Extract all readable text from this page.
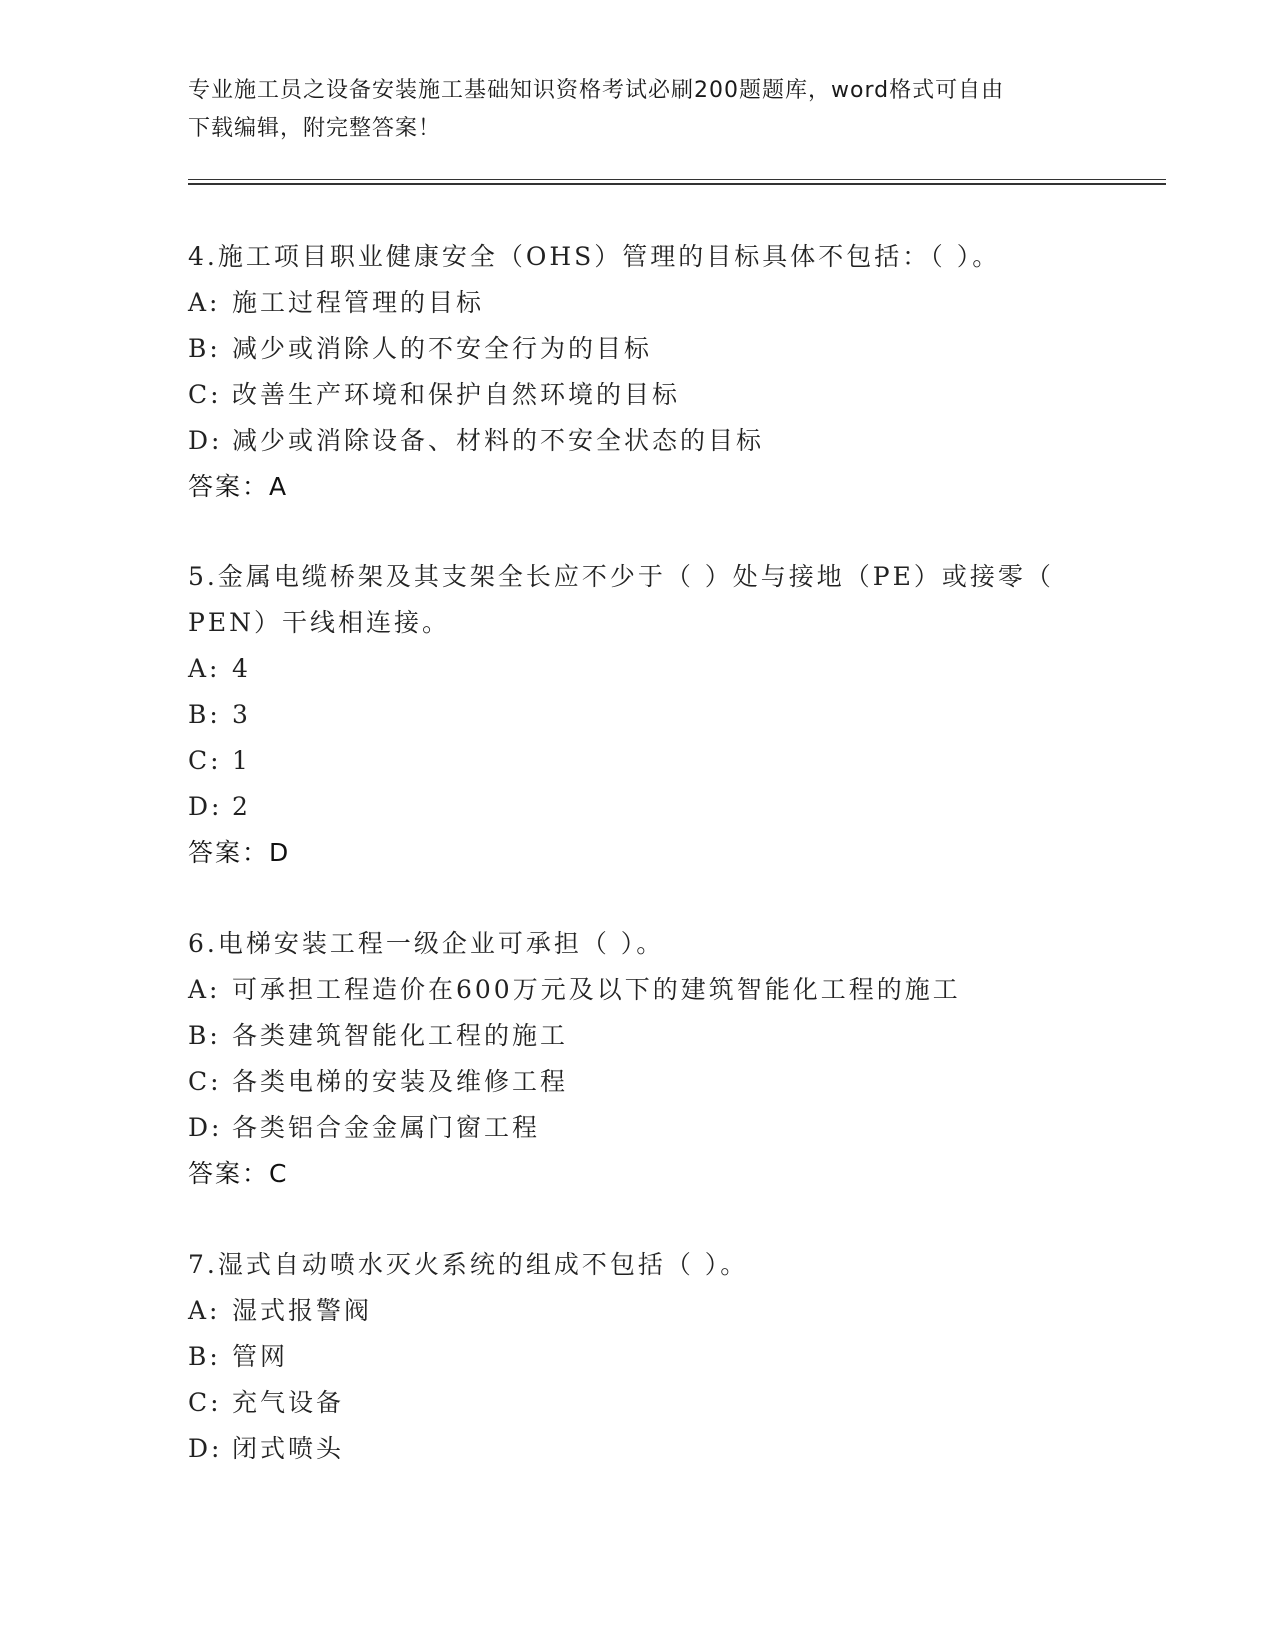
专业施工员之设备安装施工基础知识资格考试必刷200题题库，word格式可自由
下载编辑，附完整答案！
4.施工项目职业健康安全（OHS）管理的目标具体不包括：（ ）。
A: 施工过程管理的目标
B: 减少或消除人的不安全行为的目标
C: 改善生产环境和保护自然环境的目标
D: 减少或消除设备、材料的不安全状态的目标
答案：A
5.金属电缆桥架及其支架全长应不少于（ ）处与接地（PE）或接零（
PEN）干线相连接。
A: 4
B: 3
C: 1
D: 2
答案：D
6.电梯安装工程一级企业可承担（ ）。
A: 可承担工程造价在600万元及以下的建筑智能化工程的施工
B: 各类建筑智能化工程的施工
C: 各类电梯的安装及维修工程
D: 各类铝合金金属门窗工程
答案：C
7.湿式自动喷水灭火系统的组成不包括（ ）。
A: 湿式报警阀
B: 管网
C: 充气设备
D: 闭式喷头
